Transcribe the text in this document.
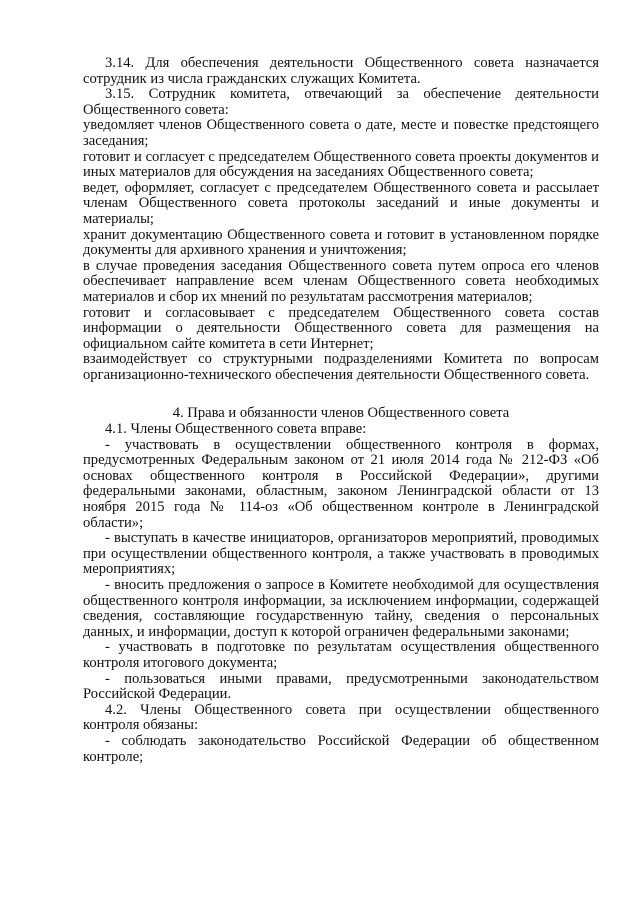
3.14. Для обеспечения деятельности Общественного совета назначается сотрудник из числа гражданских служащих Комитета.

3.15. Сотрудник комитета, отвечающий за обеспечение деятельности Общественного совета:

уведомляет членов Общественного совета о дате, месте и повестке предстоящего заседания;

готовит и согласует с председателем Общественного совета проекты документов и иных материалов для обсуждения на заседаниях Общественного совета;

ведет, оформляет, согласует с председателем Общественного совета и рассылает членам Общественного совета протоколы заседаний и иные документы и материалы;

хранит документацию Общественного совета и готовит в установленном порядке документы для архивного хранения и уничтожения;

в случае проведения заседания Общественного совета путем опроса его членов обеспечивает направление всем членам Общественного совета необходимых материалов и сбор их мнений по результатам рассмотрения материалов;

готовит и согласовывает с председателем Общественного совета состав информации о деятельности Общественного совета для размещения на официальном сайте комитета в сети Интернет;

взаимодействует со структурными подразделениями Комитета по вопросам организационно-технического обеспечения деятельности Общественного совета.

4. Права и обязанности членов Общественного совета

4.1. Члены Общественного совета вправе:

- участвовать в осуществлении общественного контроля в формах, предусмотренных Федеральным законом от 21 июля 2014 года № 212-ФЗ «Об основах общественного контроля в Российской Федерации», другими федеральными законами, областным, законом Ленинградской области от 13 ноября 2015 года № 114-оз «Об общественном контроле в Ленинградской области»;

- выступать в качестве инициаторов, организаторов мероприятий, проводимых при осуществлении общественного контроля, а также участвовать в проводимых мероприятиях;

- вносить предложения о запросе в Комитете необходимой для осуществления общественного контроля информации, за исключением информации, содержащей сведения, составляющие государственную тайну, сведения о персональных данных, и информации, доступ к которой ограничен федеральными законами;

- участвовать в подготовке по результатам осуществления общественного контроля итогового документа;

- пользоваться иными правами, предусмотренными законодательством Российской Федерации.

4.2. Члены Общественного совета при осуществлении общественного контроля обязаны:

- соблюдать законодательство Российской Федерации об общественном контроле;
